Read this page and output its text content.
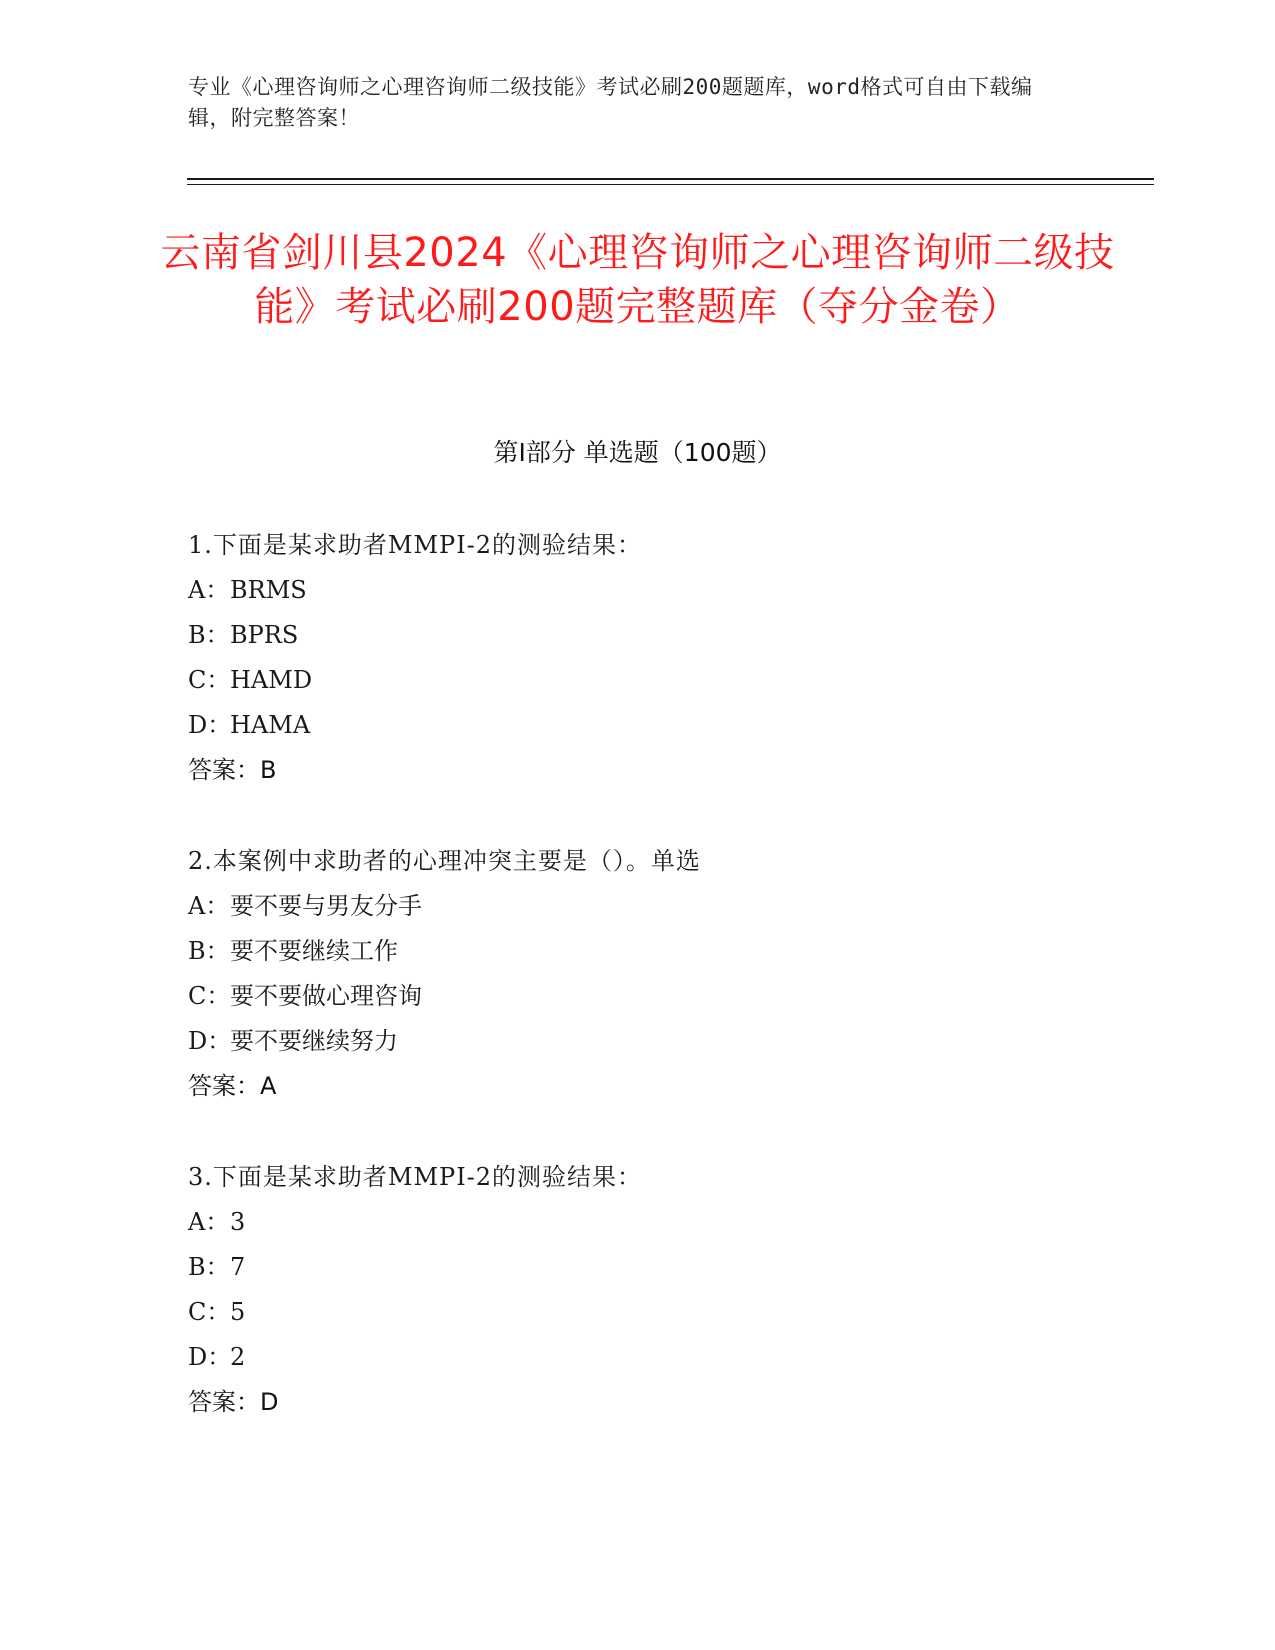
专业《心理咨询师之心理咨询师二级技能》考试必刷200题题库，word格式可自由下载编辑，附完整答案！
云南省剑川县2024《心理咨询师之心理咨询师二级技能》考试必刷200题完整题库（夺分金卷）
第I部分 单选题（100题）
1.下面是某求助者MMPI-2的测验结果：
A：BRMS
B：BPRS
C：HAMD
D：HAMA
答案：B
2.本案例中求助者的心理冲突主要是（）。单选
A：要不要与男友分手
B：要不要继续工作
C：要不要做心理咨询
D：要不要继续努力
答案：A
3.下面是某求助者MMPI-2的测验结果：
A：3
B：7
C：5
D：2
答案：D
